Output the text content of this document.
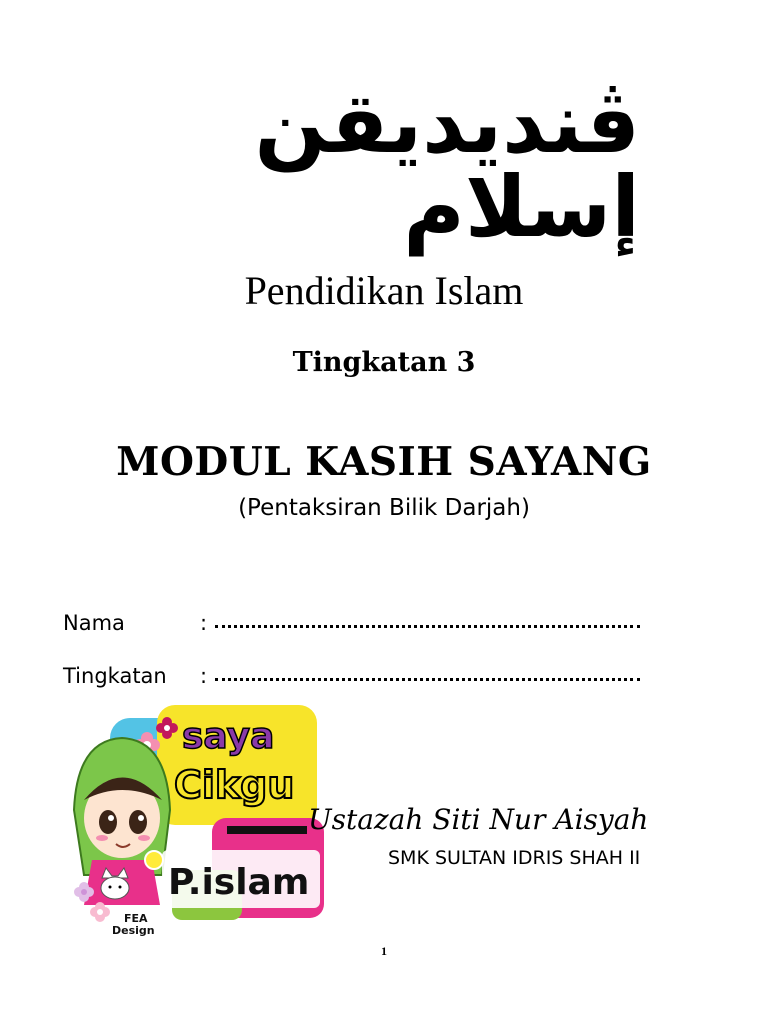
ڤنديديقن إسلام
Pendidikan Islam
Tingkatan 3
MODUL KASIH SAYANG
(Pentaksiran Bilik Darjah)
Nama	:
Tingkatan :
saya
Cikgu
P.islam
FEA
Design
Ustazah Siti Nur Aisyah
SMK SULTAN IDRIS SHAH II
1
